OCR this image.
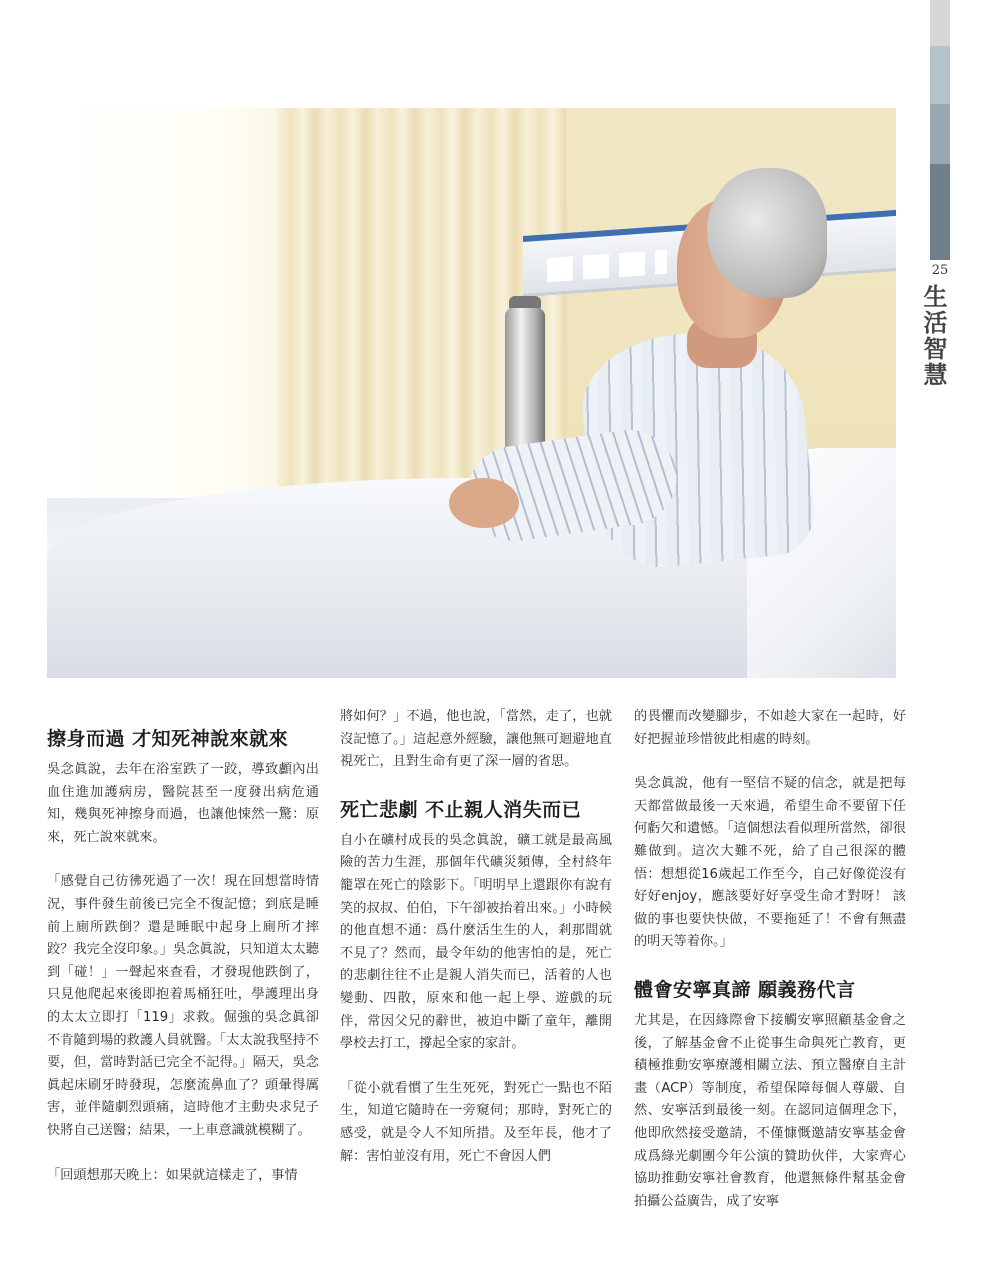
25
生活智慧
擦身而過 才知死神說來就來

吳念眞說，去年在浴室跌了一跤，導致顱內出血住進加護病房，醫院甚至一度發出病危通知，幾與死神擦身而過，也讓他悚然一驚：原來，死亡說來就來。

「感覺自己彷彿死過了一次！現在回想當時情況，事件發生前後已完全不復記憶；到底是睡前上廁所跌倒？還是睡眠中起身上廁所才摔跤？我完全沒印象。」吳念眞說，只知道太太聽到「碰！」一聲起來查看，才發現他跌倒了，只見他爬起來後即抱着馬桶狂吐，學護理出身的太太立即打「119」求救。倔強的吳念眞卻不肯隨到場的救護人員就醫。「太太說我堅持不要，但，當時對話已完全不記得。」隔天，吳念眞起床刷牙時發現，怎麼流鼻血了？頭暈得厲害，並伴隨劇烈頭痛，這時他才主動央求兒子快將自己送醫；結果，一上車意識就模糊了。

「回頭想那天晚上：如果就這樣走了，事情

將如何？」不過，他也說，「當然，走了，也就沒記憶了。」這起意外經驗，讓他無可迴避地直視死亡，且對生命有更了深一層的省思。

死亡悲劇 不止親人消失而已

自小在礦村成長的吳念眞說，礦工就是最高風險的苦力生涯，那個年代礦災頻傳，全村終年籠罩在死亡的陰影下。「明明早上還跟你有說有笑的叔叔、伯伯，下午卻被抬着出來。」小時候的他直想不通：爲什麼活生生的人，剎那間就不見了？然而，最令年幼的他害怕的是，死亡的悲劇往往不止是親人消失而已，活着的人也變動、四散，原來和他一起上學、遊戲的玩伴，常因父兄的辭世，被迫中斷了童年，離開學校去打工，撐起全家的家計。

「從小就看慣了生生死死，對死亡一點也不陌生，知道它隨時在一旁窺伺；那時，對死亡的感受，就是令人不知所措。及至年長，他才了解：害怕並沒有用，死亡不會因人們

的畏懼而改變腳步，不如趁大家在一起時，好好把握並珍惜彼此相處的時刻。

吳念眞說，他有一堅信不疑的信念，就是把每天都當做最後一天來過，希望生命不要留下任何虧欠和遺憾。「這個想法看似理所當然，卻很難做到。這次大難不死，給了自己很深的體悟：想想從16歲起工作至今，自己好像從沒有好好enjoy，應該要好好享受生命才對呀！ 該做的事也要快快做，不要拖延了！不會有無盡的明天等着你。」

體會安寧真諦 願義務代言

尤其是，在因緣際會下接觸安寧照顧基金會之後，了解基金會不止從事生命與死亡教育，更積極推動安寧療護相關立法、預立醫療自主計畫（ACP）等制度，希望保障每個人尊嚴、自然、安寧活到最後一刻。在認同這個理念下，他即欣然接受邀請，不僅慷慨邀請安寧基金會成爲綠光劇團今年公演的贊助伙伴，大家齊心協助推動安寧社會教育，他還無條件幫基金會拍攝公益廣告，成了安寧
